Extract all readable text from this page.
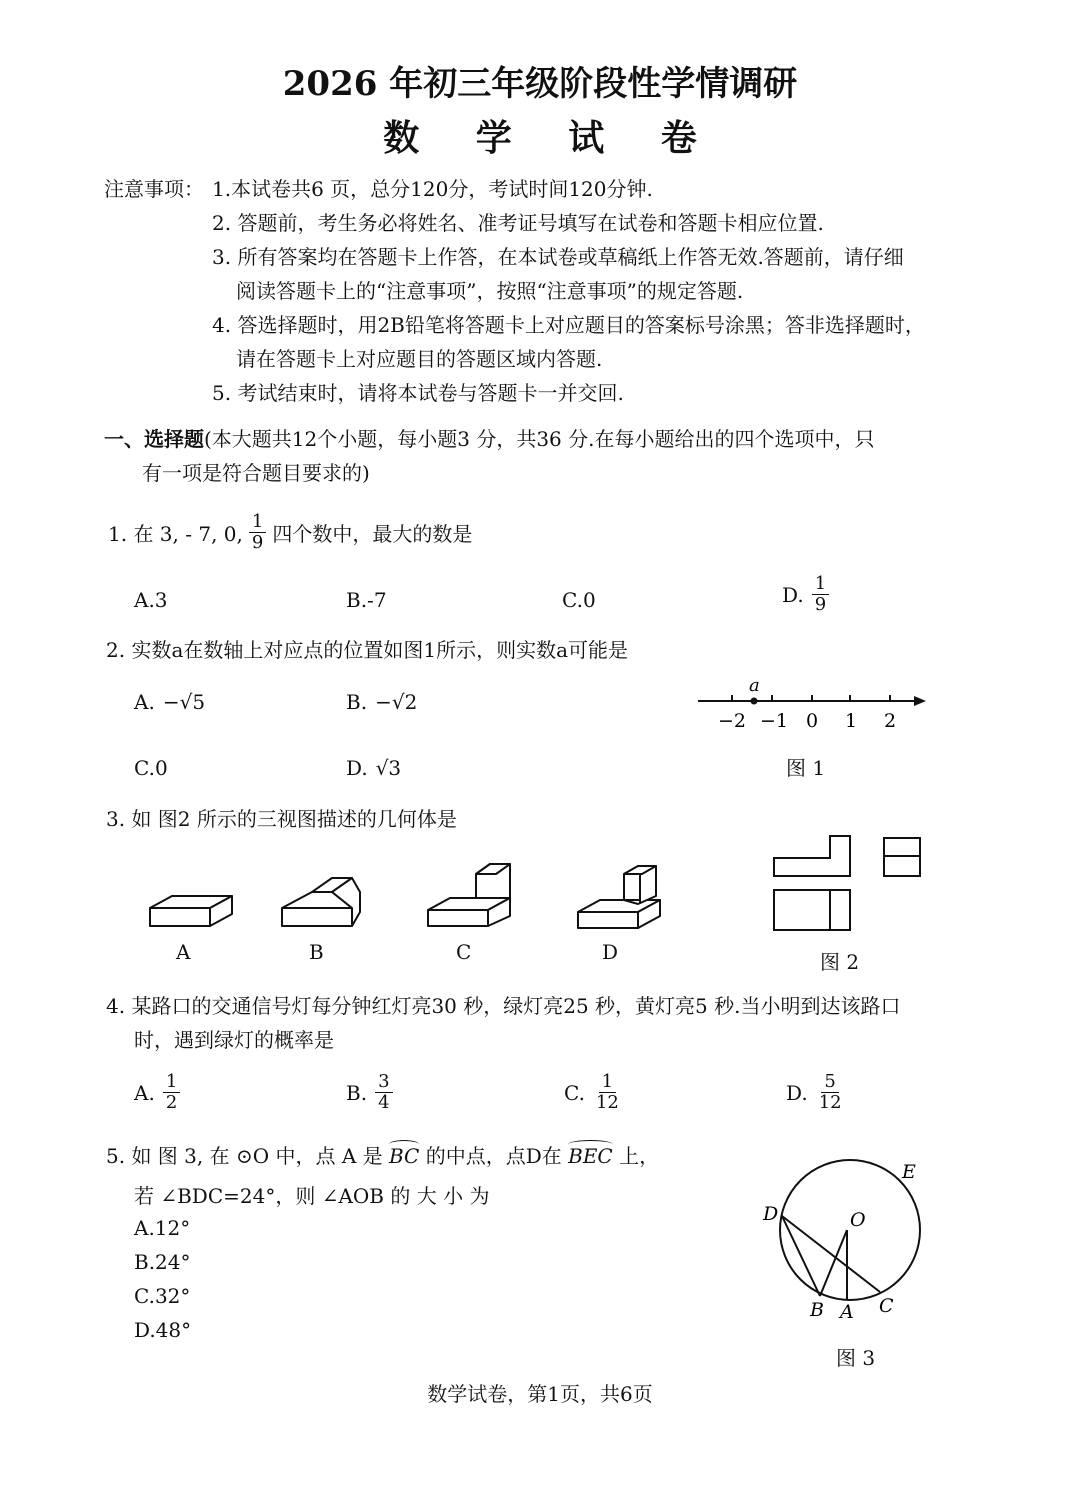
2026 年初三年级阶段性学情调研
数 学 试 卷
注意事项： 1.本试卷共6 页，总分120分，考试时间120分钟.
2. 答题前，考生务必将姓名、准考证号填写在试卷和答题卡相应位置.
3. 所有答案均在答题卡上作答，在本试卷或草稿纸上作答无效.答题前，请仔细
阅读答题卡上的“注意事项”，按照“注意事项”的规定答题.
4. 答选择题时，用2B铅笔将答题卡上对应题目的答案标号涂黑；答非选择题时，
请在答题卡上对应题目的答题区域内答题.
5. 考试结束时，请将本试卷与答题卡一并交回.
一、选择题(本大题共12个小题，每小题3 分，共36 分.在每小题给出的四个选项中，只
有一项是符合题目要求的)
1. 在 3, - 7, 0, $\frac{1}{9}$ 四个数中，最大的数是
A.3	B.-7	C.0	D. $\frac{1}{9}$
2. 实数a在数轴上对应点的位置如图1所示，则实数a可能是
A. −√5	B. −√2
C.0	D. √3
a
−2 −1 0 1 2
图 1
3. 如 图2 所示的三视图描述的几何体是
A	B	C	D	图 2
4. 某路口的交通信号灯每分钟红灯亮30 秒，绿灯亮25 秒，黄灯亮5 秒.当小明到达该路口
时，遇到绿灯的概率是
A. $\frac{1}{2}$	B. $\frac{3}{4}$	C. $\frac{1}{12}$	D. $\frac{5}{12}$
5. 如 图 3, 在 ⊙O 中，点 A 是 BC 的中点，点D在 BEC 上，
若 ∠BDC=24°，则 ∠AOB 的 大 小 为
A.12°
B.24°
C.32°
D.48°
D	O
E
B A C
图 3
数学试卷，第1页，共6页
